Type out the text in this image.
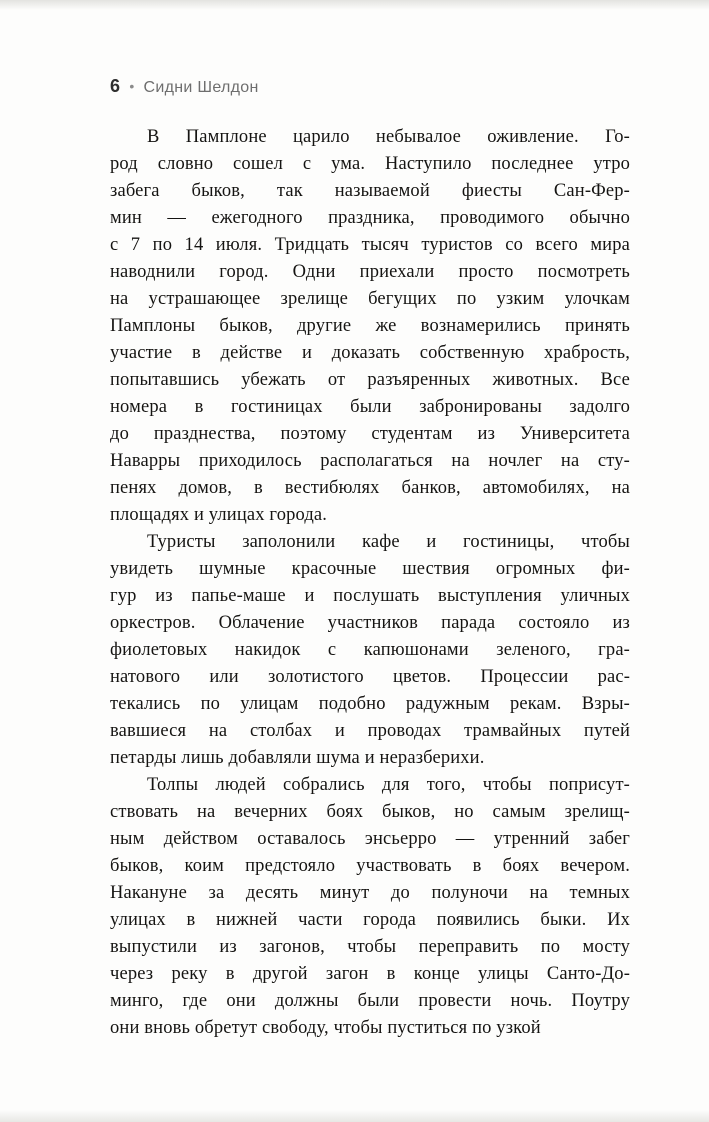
6 • Сидни Шелдон
В Памплоне царило небывалое оживление. Го-
род словно сошел с ума. Наступило последнее утро
забега быков, так называемой фиесты Сан-Фер-
мин — ежегодного праздника, проводимого обычно
с 7 по 14 июля. Тридцать тысяч туристов со всего мира
наводнили город. Одни приехали просто посмотреть
на устрашающее зрелище бегущих по узким улочкам
Памплоны быков, другие же вознамерились принять
участие в действе и доказать собственную храбрость,
попытавшись убежать от разъяренных животных. Все
номера в гостиницах были забронированы задолго
до празднества, поэтому студентам из Университета
Наварры приходилось располагаться на ночлег на сту-
пенях домов, в вестибюлях банков, автомобилях, на
площадях и улицах города.
Туристы заполонили кафе и гостиницы, чтобы
увидеть шумные красочные шествия огромных фи-
гур из папье-маше и послушать выступления уличных
оркестров. Облачение участников парада состояло из
фиолетовых накидок с капюшонами зеленого, гра-
натового или золотистого цветов. Процессии рас-
текались по улицам подобно радужным рекам. Взры-
вавшиеся на столбах и проводах трамвайных путей
петарды лишь добавляли шума и неразберихи.
Толпы людей собрались для того, чтобы поприсут-
ствовать на вечерних боях быков, но самым зрелищ-
ным действом оставалось энсьерро — утренний забег
быков, коим предстояло участвовать в боях вечером.
Накануне за десять минут до полуночи на темных
улицах в нижней части города появились быки. Их
выпустили из загонов, чтобы переправить по мосту
через реку в другой загон в конце улицы Санто-До-
минго, где они должны были провести ночь. Поутру
они вновь обретут свободу, чтобы пуститься по узкой
